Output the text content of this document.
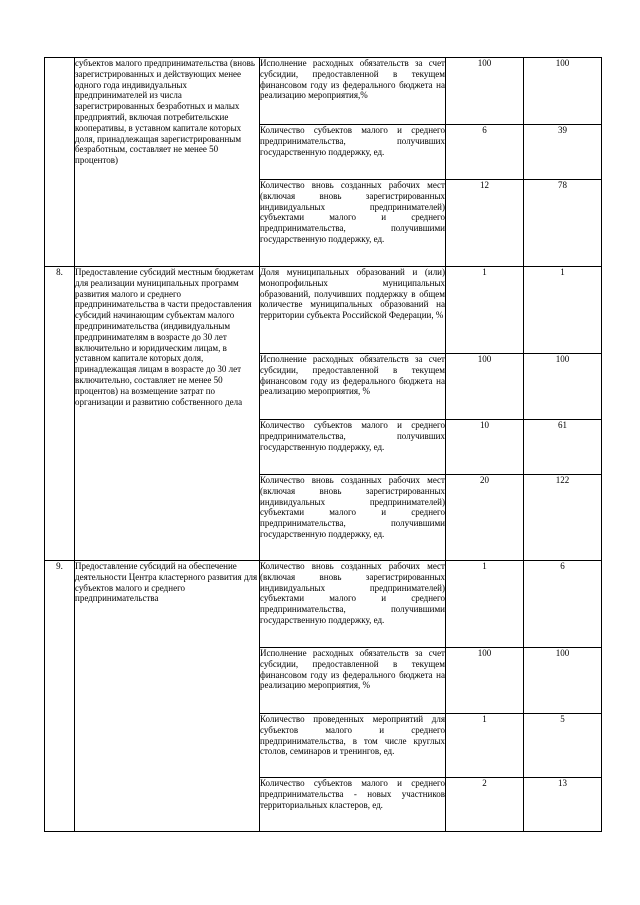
	субъектов малого предпринимательства (вновь зарегистрированных и действующих менее одного года индивидуальных предпринимателей из числа зарегистрированных безработных и малых предприятий, включая потребительские кооперативы, в уставном капитале которых доля, принадлежащая зарегистрированным безработным, составляет не менее 50 процентов)	Исполнение расходных обязательств за счет субсидии, предоставленной в текущем финансовом году из федерального бюджета на реализацию мероприятия,%	100	100
		Количество субъектов малого и среднего предпринимательства, получивших государственную поддержку, ед.	6	39
		Количество вновь созданных рабочих мест (включая вновь зарегистрированных индивидуальных предпринимателей) субъектами малого и среднего предпринимательства, получившими государственную поддержку, ед.	12	78
8.	Предоставление субсидий местным бюджетам для реализации муниципальных программ развития малого и среднего предпринимательства в части предоставления субсидий начинающим субъектам малого предпринимательства (индивидуальным предпринимателям в возрасте до 30 лет включительно и юридическим лицам, в уставном капитале которых доля, принадлежащая лицам в возрасте до 30 лет включительно, составляет не менее 50 процентов) на возмещение затрат по организации и развитию собственного дела	Доля муниципальных образований и (или) монопрофильных муниципальных образований, получивших поддержку в общем количестве муниципальных образований на территории субъекта Российской Федерации, %	1	1
		Исполнение расходных обязательств за счет субсидии, предоставленной в текущем финансовом году из федерального бюджета на реализацию мероприятия, %	100	100
		Количество субъектов малого и среднего предпринимательства, получивших государственную поддержку, ед.	10	61
		Количество вновь созданных рабочих мест (включая вновь зарегистрированных индивидуальных предпринимателей) субъектами малого и среднего предпринимательства, получившими государственную поддержку, ед.	20	122
9.	Предоставление субсидий на обеспечение деятельности Центра кластерного развития для субъектов малого и среднего предпринимательства	Количество вновь созданных рабочих мест (включая вновь зарегистрированных индивидуальных предпринимателей) субъектами малого и среднего предпринимательства, получившими государственную поддержку, ед.	1	6
		Исполнение расходных обязательств за счет субсидии, предоставленной в текущем финансовом году из федерального бюджета на реализацию мероприятия, %	100	100
		Количество проведенных мероприятий для субъектов малого и среднего предпринимательства, в том числе круглых столов, семинаров и тренингов, ед.	1	5
		Количество субъектов малого и среднего предпринимательства - новых участников территориальных кластеров, ед.	2	13
